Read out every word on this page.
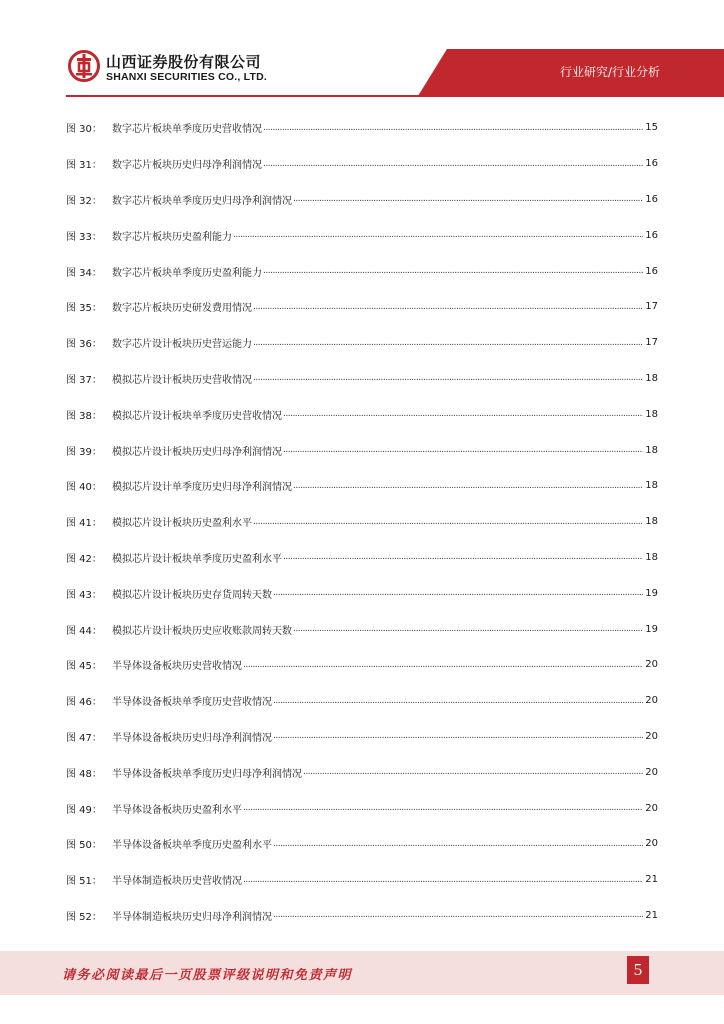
山西证券股份有限公司
SHANXI SECURITIES CO., LTD.	行业研究/行业分析
图 30：	数字芯片板块单季度历史营收情况 .....	15
图 31：	数字芯片板块历史归母净利润情况 .....	16
图 32：	数字芯片板块单季度历史归母净利润情况 .....	16
图 33：	数字芯片板块历史盈利能力 .....	16
图 34：	数字芯片板块单季度历史盈利能力 .....	16
图 35：	数字芯片板块历史研发费用情况 .....	17
图 36：	数字芯片设计板块历史营运能力 .....	17
图 37：	模拟芯片设计板块历史营收情况 .....	18
图 38：	模拟芯片设计板块单季度历史营收情况 .....	18
图 39：	模拟芯片设计板块历史归母净利润情况 .....	18
图 40：	模拟芯片设计单季度历史归母净利润情况 .....	18
图 41：	模拟芯片设计板块历史盈利水平 .....	18
图 42：	模拟芯片设计板块单季度历史盈利水平 .....	18
图 43：	模拟芯片设计板块历史存货周转天数 .....	19
图 44：	模拟芯片设计板块历史应收账款周转天数 .....	19
图 45：	半导体设备板块历史营收情况 .....	20
图 46：	半导体设备板块单季度历史营收情况 .....	20
图 47：	半导体设备板块历史归母净利润情况 .....	20
图 48：	半导体设备板块单季度历史归母净利润情况 .....	20
图 49：	半导体设备板块历史盈利水平 .....	20
图 50：	半导体设备板块单季度历史盈利水平 .....	20
图 51：	半导体制造板块历史营收情况 .....	21
图 52：	半导体制造板块历史归母净利润情况 .....	21
请务必阅读最后一页股票评级说明和免责声明	5
